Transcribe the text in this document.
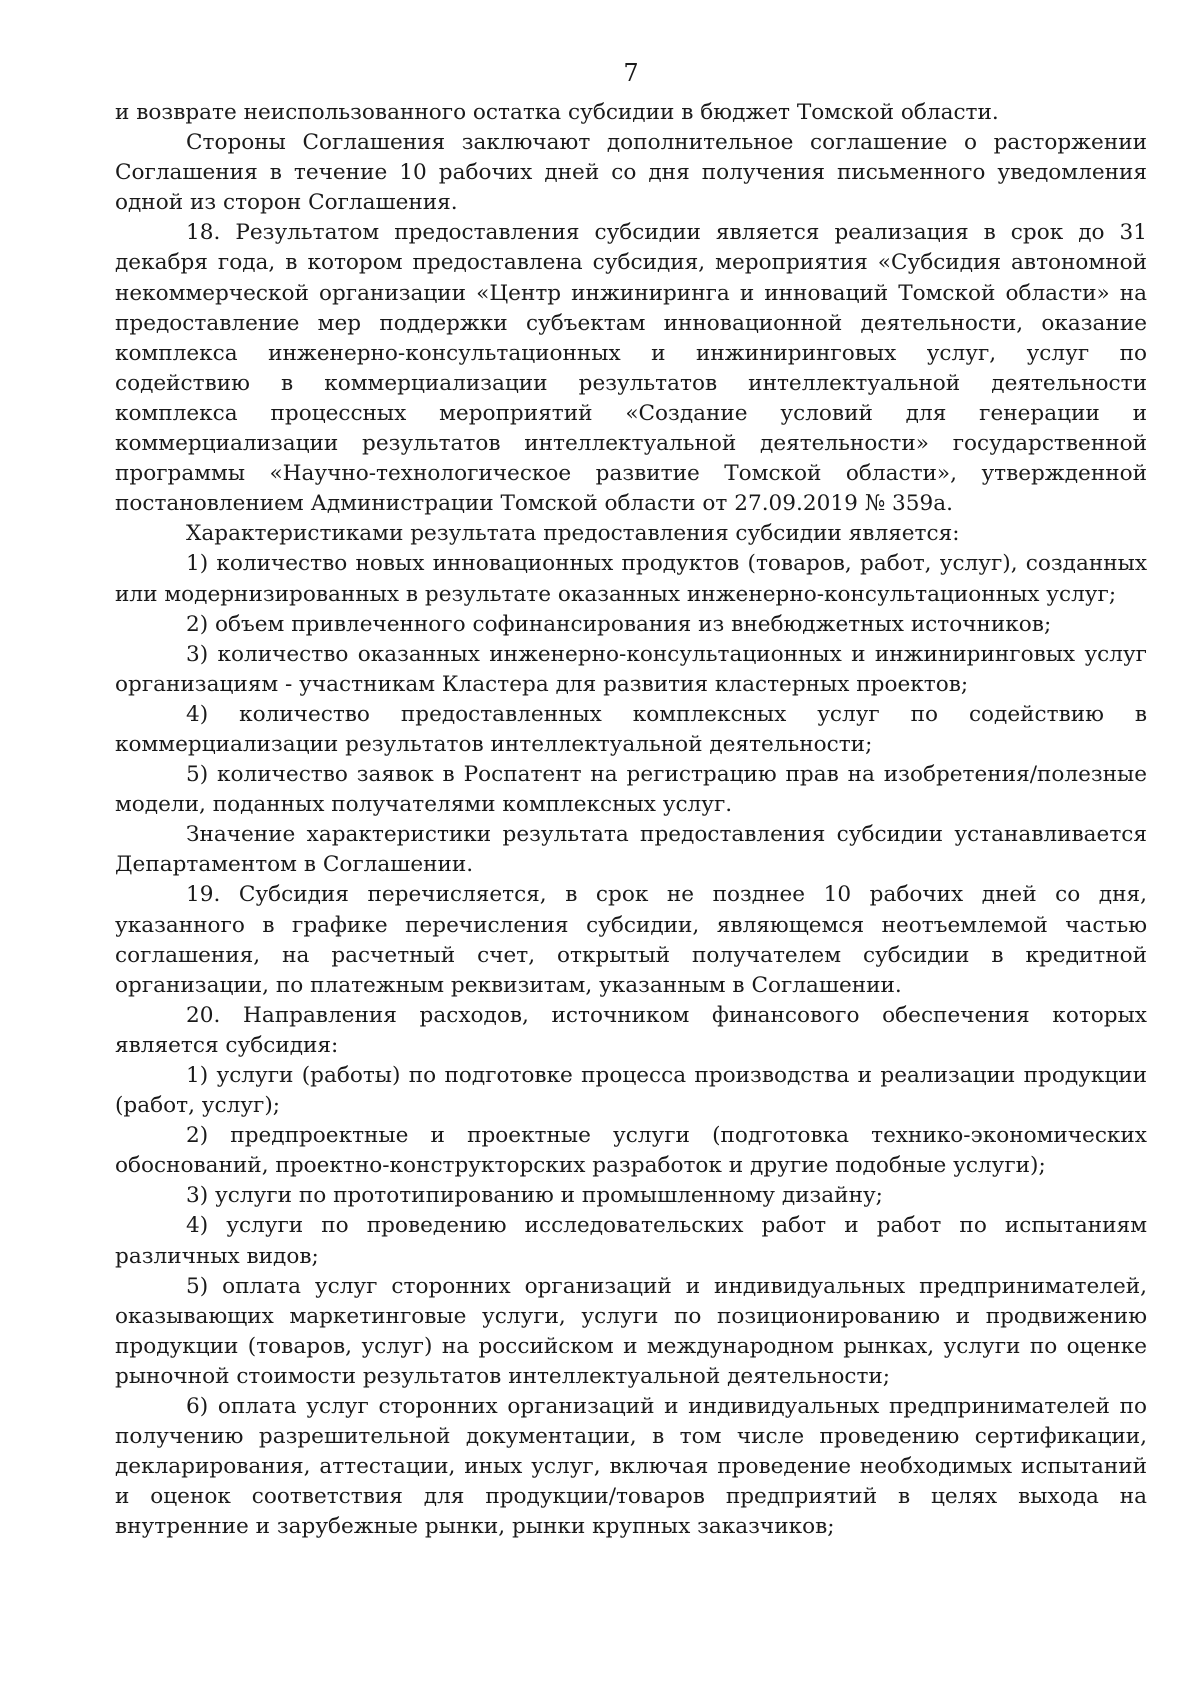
7

и возврате неиспользованного остатка субсидии в бюджет Томской области.

Стороны Соглашения заключают дополнительное соглашение о расторжении Соглашения в течение 10 рабочих дней со дня получения письменного уведомления одной из сторон Соглашения.

18. Результатом предоставления субсидии является реализация в срок до 31 декабря года, в котором предоставлена субсидия, мероприятия «Субсидия автономной некоммерческой организации «Центр инжиниринга и инноваций Томской области» на предоставление мер поддержки субъектам инновационной деятельности, оказание комплекса инженерно-консультационных и инжиниринговых услуг, услуг по содействию в коммерциализации результатов интеллектуальной деятельности комплекса процессных мероприятий «Создание условий для генерации и коммерциализации результатов интеллектуальной деятельности» государственной программы «Научно-технологическое развитие Томской области», утвержденной постановлением Администрации Томской области от 27.09.2019 № 359а.

Характеристиками результата предоставления субсидии является:

1) количество новых инновационных продуктов (товаров, работ, услуг), созданных или модернизированных в результате оказанных инженерно-консультационных услуг;

2) объем привлеченного софинансирования из внебюджетных источников;

3) количество оказанных инженерно-консультационных и инжиниринговых услуг организациям - участникам Кластера для развития кластерных проектов;

4) количество предоставленных комплексных услуг по содействию в коммерциализации результатов интеллектуальной деятельности;

5) количество заявок в Роспатент на регистрацию прав на изобретения/полезные модели, поданных получателями комплексных услуг.

Значение характеристики результата предоставления субсидии устанавливается Департаментом в Соглашении.

19. Субсидия перечисляется, в срок не позднее 10 рабочих дней со дня, указанного в графике перечисления субсидии, являющемся неотъемлемой частью соглашения, на расчетный счет, открытый получателем субсидии в кредитной организации, по платежным реквизитам, указанным в Соглашении.

20. Направления расходов, источником финансового обеспечения которых является субсидия:

1) услуги (работы) по подготовке процесса производства и реализации продукции (работ, услуг);

2) предпроектные и проектные услуги (подготовка технико-экономических обоснований, проектно-конструкторских разработок и другие подобные услуги);

3) услуги по прототипированию и промышленному дизайну;

4) услуги по проведению исследовательских работ и работ по испытаниям различных видов;

5) оплата услуг сторонних организаций и индивидуальных предпринимателей, оказывающих маркетинговые услуги, услуги по позиционированию и продвижению продукции (товаров, услуг) на российском и международном рынках, услуги по оценке рыночной стоимости результатов интеллектуальной деятельности;

6) оплата услуг сторонних организаций и индивидуальных предпринимателей по получению разрешительной документации, в том числе проведению сертификации, декларирования, аттестации, иных услуг, включая проведение необходимых испытаний и оценок соответствия для продукции/товаров предприятий в целях выхода на внутренние и зарубежные рынки, рынки крупных заказчиков;
